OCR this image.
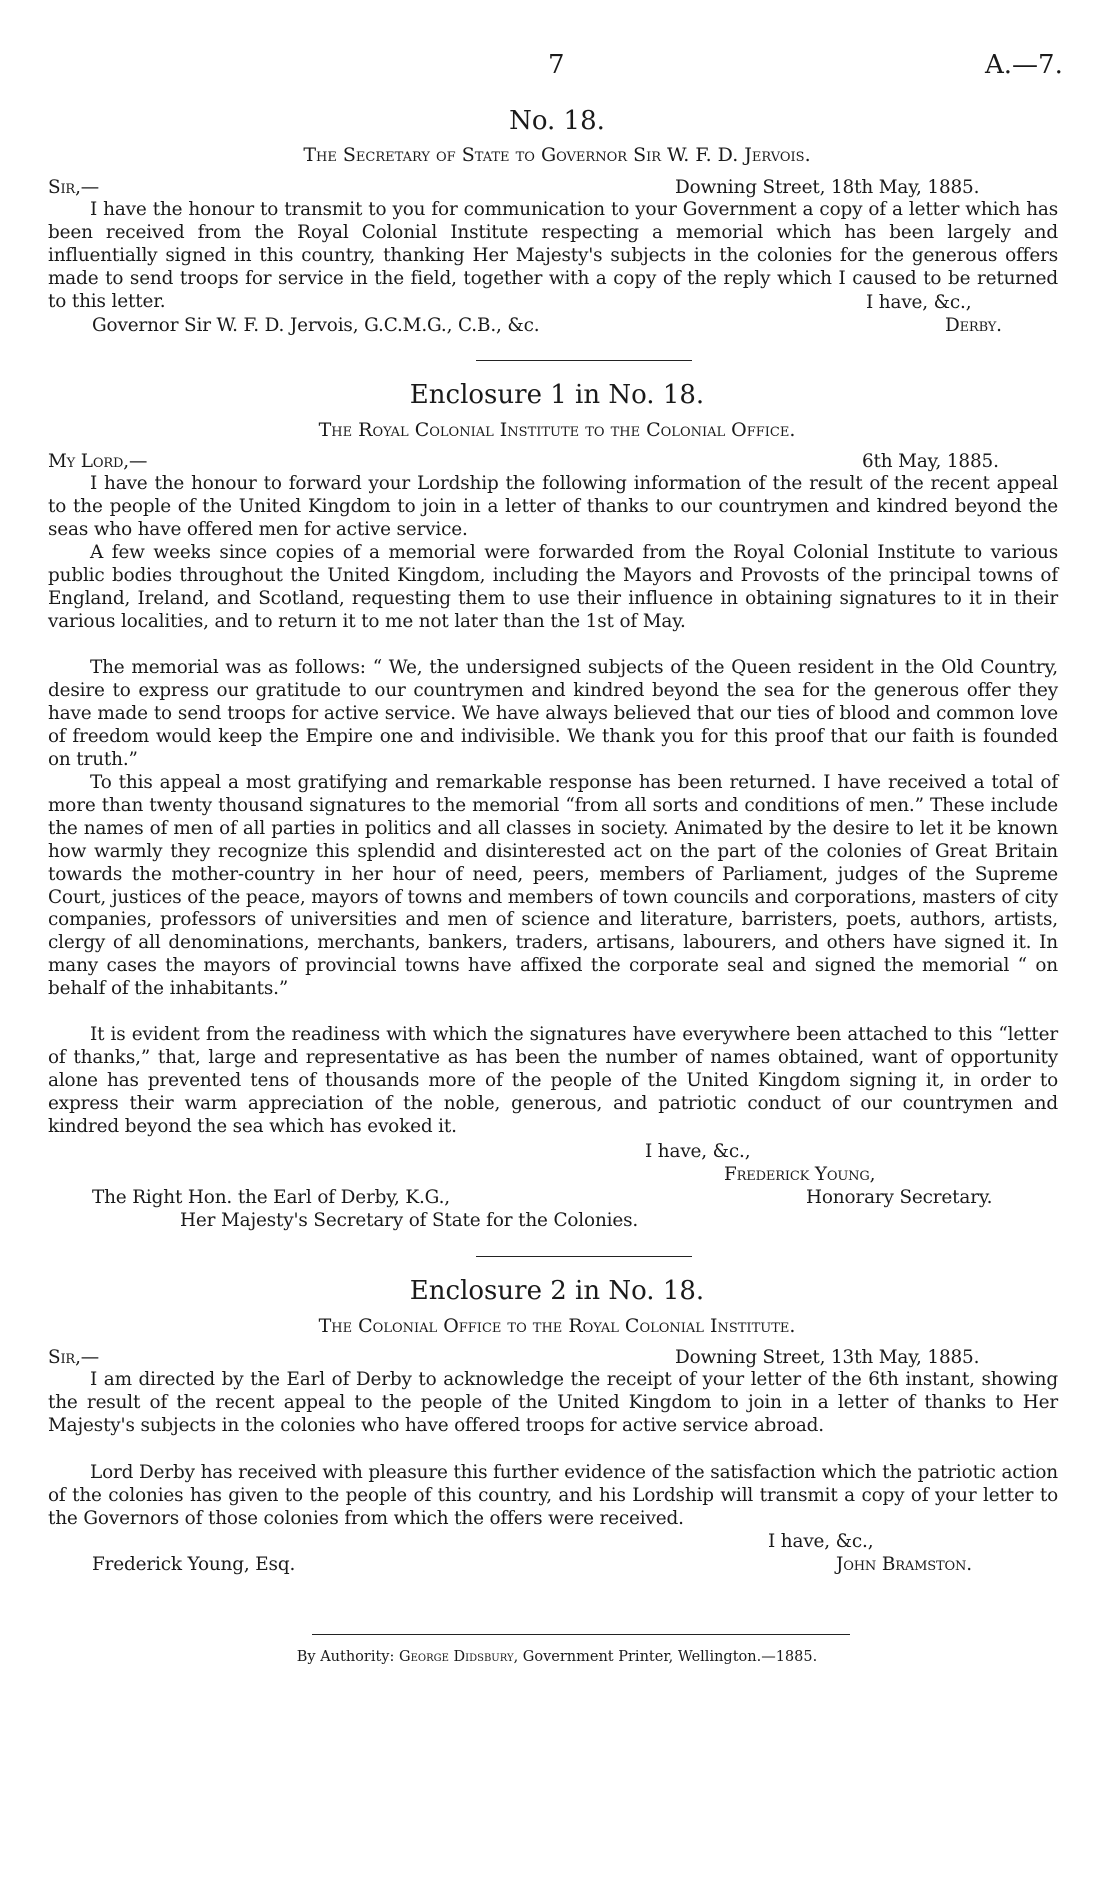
7	A.—7.
No. 18.
The Secretary of State to Governor Sir W. F. D. Jervois.
Sir,—	Downing Street, 18th May, 1885.
I have the honour to transmit to you for communication to your Government a copy of a letter which has been received from the Royal Colonial Institute respecting a memorial which has been largely and influentially signed in this country, thanking Her Majesty's subjects in the colonies for the generous offers made to send troops for service in the field, together with a copy of the reply which I caused to be returned to this letter.	I have, &c.,
Governor Sir W. F. D. Jervois, G.C.M.G., C.B., &c.	Derby.
Enclosure 1 in No. 18.
The Royal Colonial Institute to the Colonial Office.
My Lord,—	6th May, 1885.
I have the honour to forward your Lordship the following information of the result of the recent appeal to the people of the United Kingdom to join in a letter of thanks to our countrymen and kindred beyond the seas who have offered men for active service.
A few weeks since copies of a memorial were forwarded from the Royal Colonial Institute to various public bodies throughout the United Kingdom, including the Mayors and Provosts of the principal towns of England, Ireland, and Scotland, requesting them to use their influence in obtaining signatures to it in their various localities, and to return it to me not later than the 1st of May.
The memorial was as follows: “ We, the undersigned subjects of the Queen resident in the Old Country, desire to express our gratitude to our countrymen and kindred beyond the sea for the generous offer they have made to send troops for active service. We have always believed that our ties of blood and common love of freedom would keep the Empire one and indivisible. We thank you for this proof that our faith is founded on truth.”
To this appeal a most gratifying and remarkable response has been returned. I have received a total of more than twenty thousand signatures to the memorial “from all sorts and conditions of men.” These include the names of men of all parties in politics and all classes in society. Animated by the desire to let it be known how warmly they recognize this splendid and disinterested act on the part of the colonies of Great Britain towards the mother-country in her hour of need, peers, members of Parliament, judges of the Supreme Court, justices of the peace, mayors of towns and members of town councils and corporations, masters of city companies, professors of universities and men of science and literature, barristers, poets, authors, artists, clergy of all denominations, merchants, bankers, traders, artisans, labourers, and others have signed it. In many cases the mayors of provincial towns have affixed the corporate seal and signed the memorial “ on behalf of the inhabitants.”
It is evident from the readiness with which the signatures have everywhere been attached to this “letter of thanks,” that, large and representative as has been the number of names obtained, want of opportunity alone has prevented tens of thousands more of the people of the United Kingdom signing it, in order to express their warm appreciation of the noble, generous, and patriotic conduct of our countrymen and kindred beyond the sea which has evoked it.
I have, &c.,
Frederick Young,
The Right Hon. the Earl of Derby, K.G.,	Honorary Secretary.
Her Majesty's Secretary of State for the Colonies.
Enclosure 2 in No. 18.
The Colonial Office to the Royal Colonial Institute.
Sir,—	Downing Street, 13th May, 1885.
I am directed by the Earl of Derby to acknowledge the receipt of your letter of the 6th instant, showing the result of the recent appeal to the people of the United Kingdom to join in a letter of thanks to Her Majesty's subjects in the colonies who have offered troops for active service abroad.
Lord Derby has received with pleasure this further evidence of the satisfaction which the patriotic action of the colonies has given to the people of this country, and his Lordship will transmit a copy of your letter to the Governors of those colonies from which the offers were received.
I have, &c.,
Frederick Young, Esq.	John Bramston.
By Authority: George Didsbury, Government Printer, Wellington.—1885.
